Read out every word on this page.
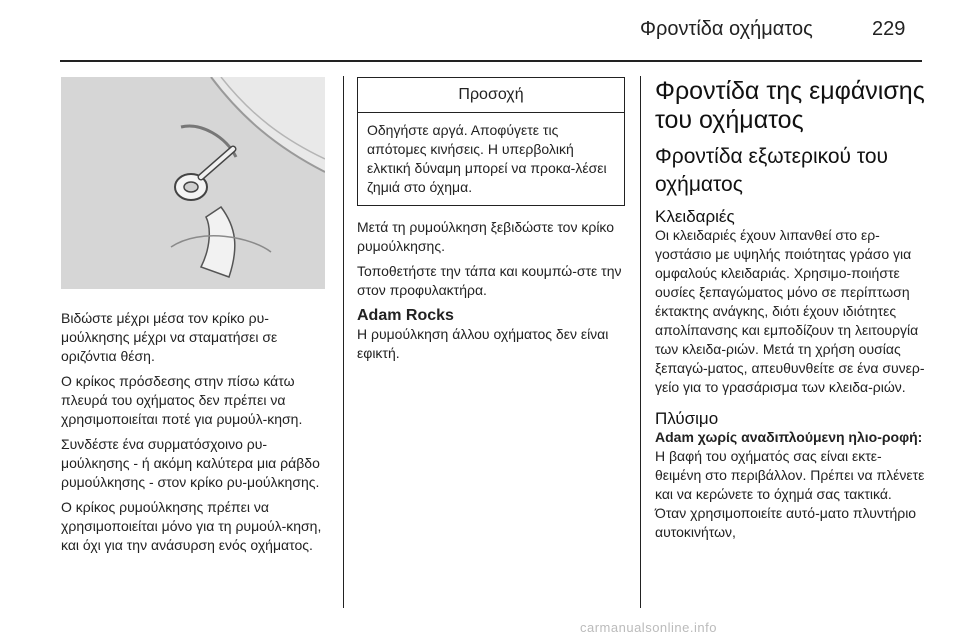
Φροντίδα οχήματος	229

Βιδώστε μέχρι μέσα τον κρίκο ρυ-μούλκησης μέχρι να σταματήσει σε οριζόντια θέση.

Ο κρίκος πρόσδεσης στην πίσω κάτω πλευρά του οχήματος δεν πρέπει να χρησιμοποιείται ποτέ για ρυμούλ-κηση.

Συνδέστε ένα συρματόσχοινο ρυ-μούλκησης - ή ακόμη καλύτερα μια ράβδο ρυμούλκησης - στον κρίκο ρυ-μούλκησης.

Ο κρίκος ρυμούλκησης πρέπει να χρησιμοποιείται μόνο για τη ρυμούλ-κηση, και όχι για την ανάσυρση ενός οχήματος.

Προσοχή
Οδηγήστε αργά. Αποφύγετε τις απότομες κινήσεις. Η υπερβολική ελκτική δύναμη μπορεί να προκα-λέσει ζημιά στο όχημα.

Μετά τη ρυμούλκηση ξεβιδώστε τον κρίκο ρυμούλκησης.

Τοποθετήστε την τάπα και κουμπώ-στε την στον προφυλακτήρα.

Adam Rocks

Η ρυμούλκηση άλλου οχήματος δεν είναι εφικτή.

Φροντίδα της εμφάνισης του οχήματος
Φροντίδα εξωτερικού του οχήματος
Κλειδαριές

Οι κλειδαριές έχουν λιπανθεί στο ερ-γοστάσιο με υψηλής ποιότητας γράσο για ομφαλούς κλειδαριάς. Χρησιμο-ποιήστε ουσίες ξεπαγώματος μόνο σε περίπτωση έκτακτης ανάγκης, διότι έχουν ιδιότητες απολίπανσης και εμποδίζουν τη λειτουργία των κλειδα-ριών. Μετά τη χρήση ουσίας ξεπαγώ-ματος, απευθυνθείτε σε ένα συνερ-γείο για το γρασάρισμα των κλειδα-ριών.

Πλύσιμο
Adam χωρίς αναδιπλούμενη ηλιο-ροφή:

Η βαφή του οχήματός σας είναι εκτε-θειμένη στο περιβάλλον. Πρέπει να πλένετε και να κερώνετε το όχημά σας τακτικά. Όταν χρησιμοποιείτε αυτό-ματο πλυντήριο αυτοκινήτων,

carmanualsonline.info
